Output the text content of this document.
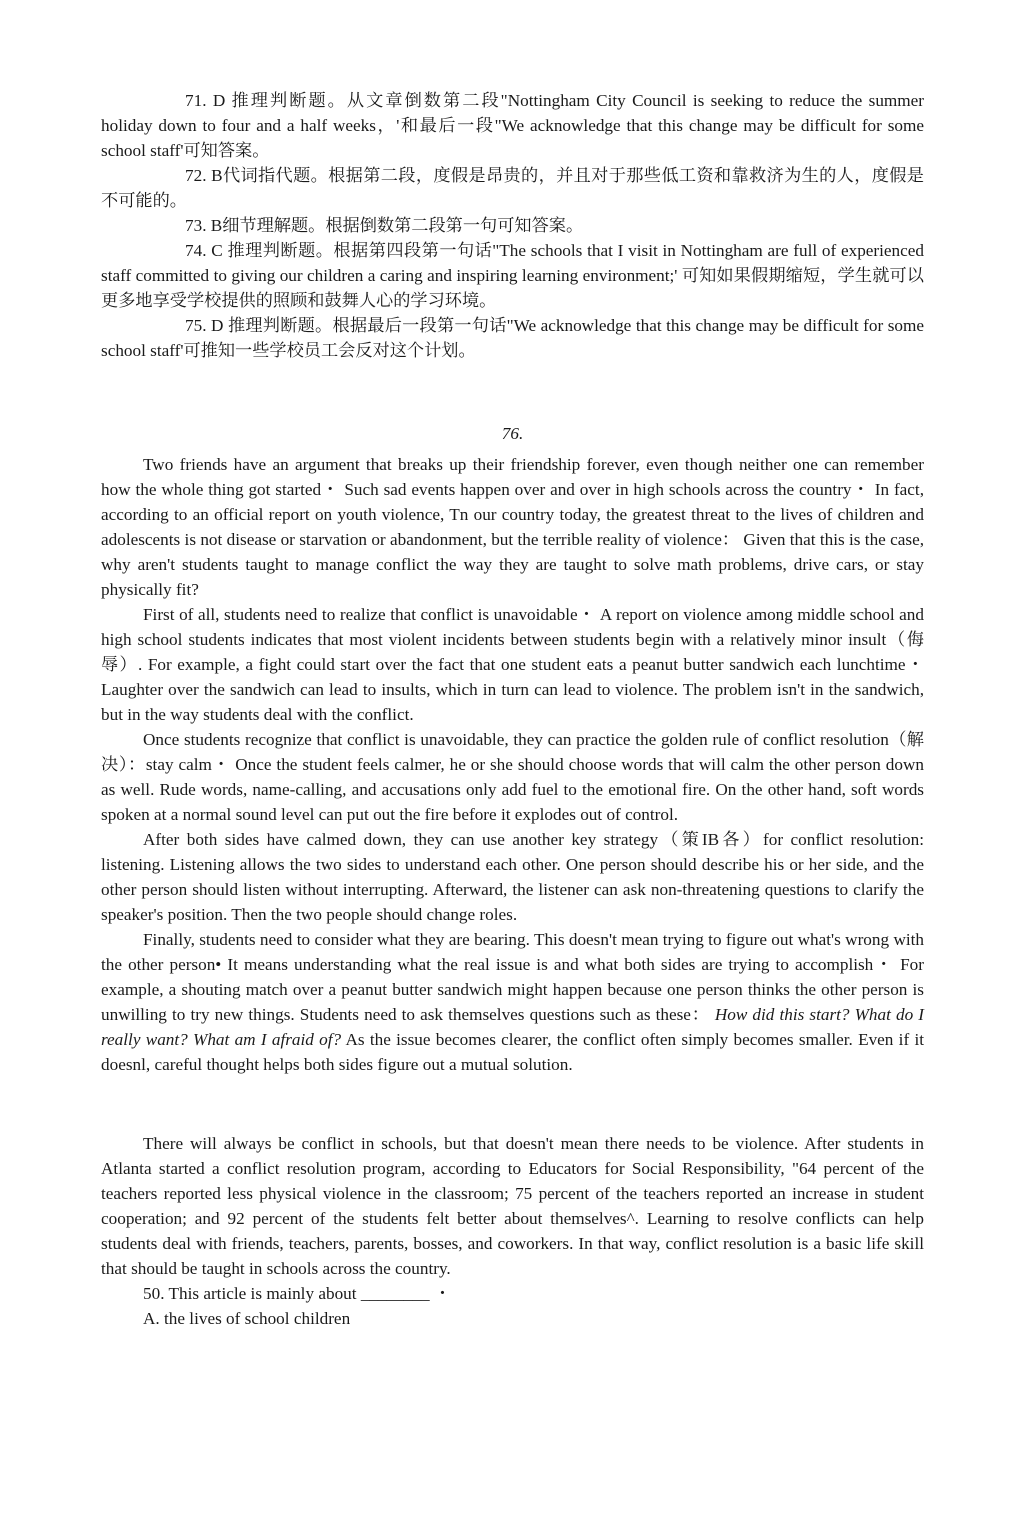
71. D 推理判断题。从文章倒数第二段"Nottingham City Council is seeking to reduce the summer holiday down to four and a half weeks，'和最后一段"We acknowledge that this change may be difficult for some school staff'可知答案。

72. B代词指代题。根据第二段，度假是昂贵的，并且对于那些低工资和靠救济为生的人，度假是不可能的。

73. B细节理解题。根据倒数第二段第一句可知答案。

74. C 推理判断题。根据第四段第一句话"The schools that I visit in Nottingham are full of experienced staff committed to giving our children a caring and inspiring learning environment;' 可知如果假期缩短，学生就可以更多地享受学校提供的照顾和鼓舞人心的学习环境。

75. D 推理判断题。根据最后一段第一句话"We acknowledge that this change may be difficult for some school staff'可推知一些学校员工会反对这个计划。

76.

Two friends have an argument that breaks up their friendship forever, even though neither one can remember how the whole thing got started・ Such sad events happen over and over in high schools across the country・ In fact, according to an official report on youth violence, Tn our country today, the greatest threat to the lives of children and adolescents is not disease or starvation or abandonment, but the terrible reality of violence： Given that this is the case, why aren't students taught to manage conflict the way they are taught to solve math problems, drive cars, or stay physically fit?

First of all, students need to realize that conflict is unavoidable・ A report on violence among middle school and high school students indicates that most violent incidents between students begin with a relatively minor insult（侮辱）. For example, a fight could start over the fact that one student eats a peanut butter sandwich each lunchtime・ Laughter over the sandwich can lead to insults, which in turn can lead to violence. The problem isn't in the sandwich, but in the way students deal with the conflict.

Once students recognize that conflict is unavoidable, they can practice the golden rule of conflict resolution（解决）：stay calm・ Once the student feels calmer, he or she should choose words that will calm the other person down as well. Rude words, name-calling, and accusations only add fuel to the emotional fire. On the other hand, soft words spoken at a normal sound level can put out the fire before it explodes out of control.

After both sides have calmed down, they can use another key strategy（策IB各）for conflict resolution: listening. Listening allows the two sides to understand each other. One person should describe his or her side, and the other person should listen without interrupting. Afterward, the listener can ask non-threatening questions to clarify the speaker's position. Then the two people should change roles.

Finally, students need to consider what they are bearing. This doesn't mean trying to figure out what's wrong with the other person• It means understanding what the real issue is and what both sides are trying to accomplish・ For example, a shouting match over a peanut butter sandwich might happen because one person thinks the other person is unwilling to try new things. Students need to ask themselves questions such as these： How did this start? What do I really want? What am I afraid of? As the issue becomes clearer, the conflict often simply becomes smaller. Even if it doesnl, careful thought helps both sides figure out a mutual solution.

There will always be conflict in schools, but that doesn't mean there needs to be violence. After students in Atlanta started a conflict resolution program, according to Educators for Social Responsibility, "64 percent of the teachers reported less physical violence in the classroom; 75 percent of the teachers reported an increase in student cooperation; and 92 percent of the students felt better about themselves^. Learning to resolve conflicts can help students deal with friends, teachers, parents, bosses, and coworkers. In that way, conflict resolution is a basic life skill that should be taught in schools across the country.

50. This article is mainly about ________ ・

A. the lives of school children
